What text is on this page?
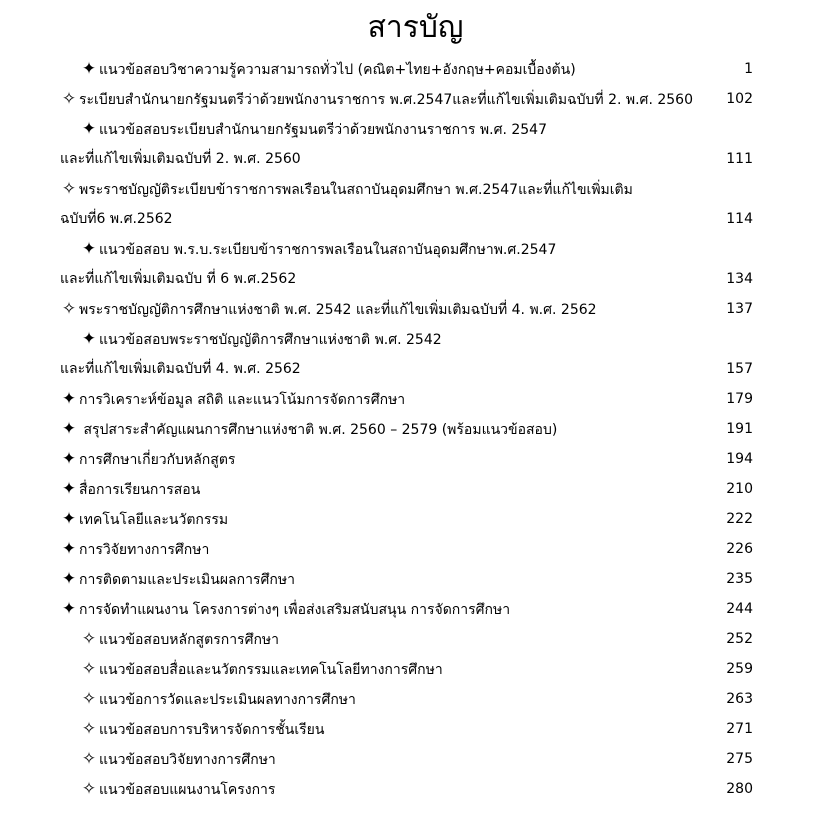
สารบัญ
✦ แนวข้อสอบวิชาความรู้ความสามารถทั่วไป (คณิต+ไทย+อังกฤษ+คอมเบื้องต้น)	1
✧ ระเบียบสำนักนายกรัฐมนตรีว่าด้วยพนักงานราชการ พ.ศ.2547และที่แก้ไขเพิ่มเติมฉบับที่ 2. พ.ศ. 2560 102
✦ แนวข้อสอบระเบียบสำนักนายกรัฐมนตรีว่าด้วยพนักงานราชการ พ.ศ. 2547
และที่แก้ไขเพิ่มเติมฉบับที่ 2. พ.ศ. 2560	111
✧ พระราชบัญญัติระเบียบข้าราชการพลเรือนในสถาบันอุดมศึกษา พ.ศ.2547และที่แก้ไขเพิ่มเติม
ฉบับที่6 พ.ศ.2562	114
✦ แนวข้อสอบ พ.ร.บ.ระเบียบข้าราชการพลเรือนในสถาบันอุดมศึกษาพ.ศ.2547
และที่แก้ไขเพิ่มเติมฉบับ ที่ 6 พ.ศ.2562	134
✧ พระราชบัญญัติการศึกษาแห่งชาติ พ.ศ. 2542 และที่แก้ไขเพิ่มเติมฉบับที่ 4. พ.ศ. 2562	137
✦ แนวข้อสอบพระราชบัญญัติการศึกษาแห่งชาติ พ.ศ. 2542
และที่แก้ไขเพิ่มเติมฉบับที่ 4. พ.ศ. 2562	157
✦ การวิเคราะห์ข้อมูล สถิติ และแนวโน้มการจัดการศึกษา	179
✦ สรุปสาระสำคัญแผนการศึกษาแห่งชาติ พ.ศ. 2560 – 2579 (พร้อมแนวข้อสอบ)	191
✦ การศึกษาเกี่ยวกับหลักสูตร	194
✦ สื่อการเรียนการสอน	210
✦ เทคโนโลยีและนวัตกรรม	222
✦ การวิจัยทางการศึกษา	226
✦ การติดตามและประเมินผลการศึกษา	235
✦ การจัดทำแผนงาน โครงการต่างๆ เพื่อส่งเสริมสนับสนุน การจัดการศึกษา	244
✧ แนวข้อสอบหลักสูตรการศึกษา	252
✧ แนวข้อสอบสื่อและนวัตกรรมและเทคโนโลยีทางการศึกษา	259
✧ แนวข้อการวัดและประเมินผลทางการศึกษา	263
✧ แนวข้อสอบการบริหารจัดการชั้นเรียน	271
✧ แนวข้อสอบวิจัยทางการศึกษา	275
✧ แนวข้อสอบแผนงานโครงการ	280
